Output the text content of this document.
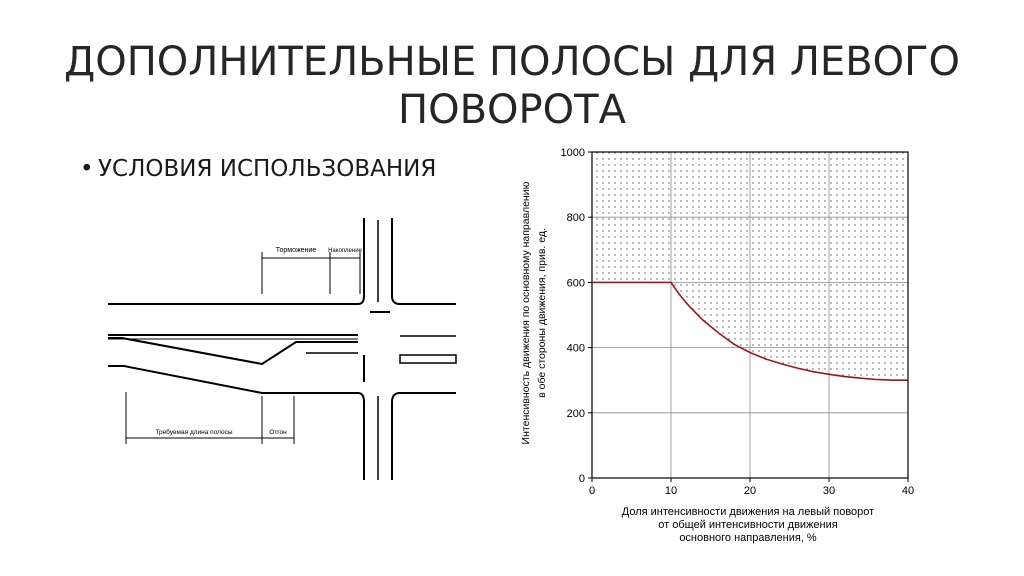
ДОПОЛНИТЕЛЬНЫЕ ПОЛОСЫ ДЛЯ ЛЕВОГО
ПОВОРОТА
• УСЛОВИЯ ИСПОЛЬЗОВАНИЯ
Торможение Накопление
Требуемая длина полосы	Отгон
0	10	20	30	40
0
200
400
600
800
1000
Интенсивность движения по основному направлению в обе стороны движения, прив. ед.
Доля интенсивности движения на левый поворот
от общей интенсивности движения
основного направления, %
